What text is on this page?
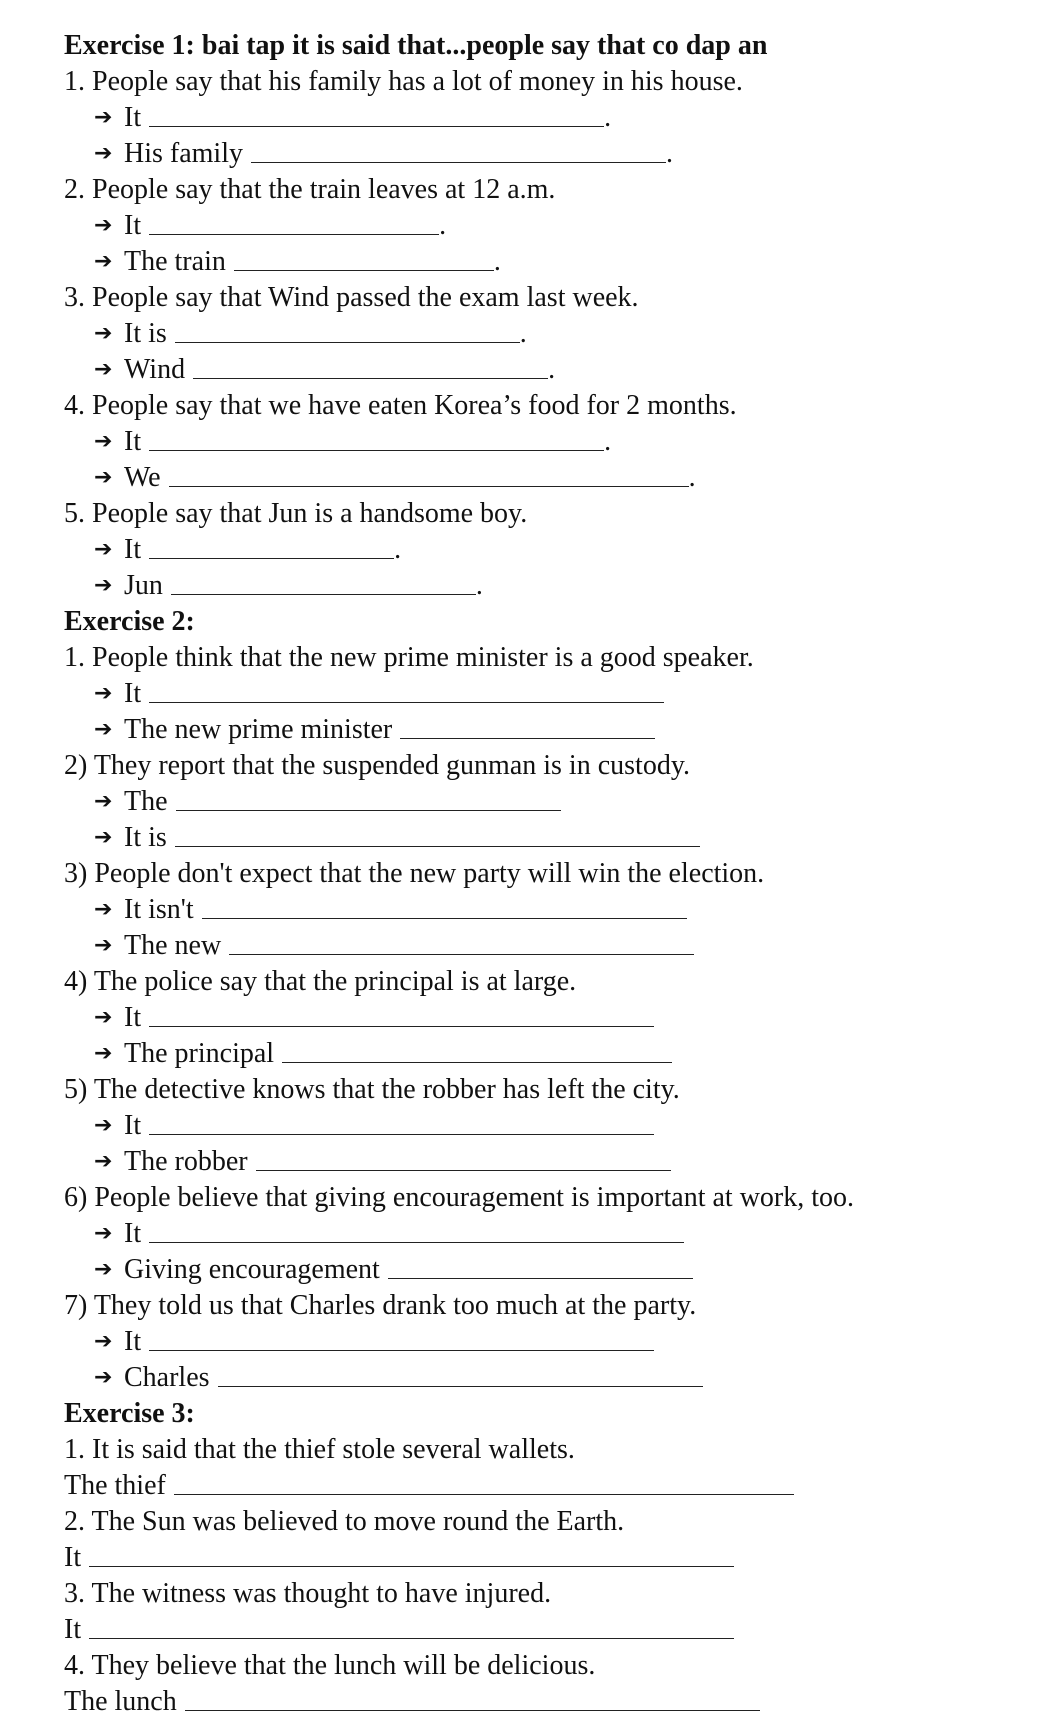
Exercise 1: bai tap it is said that...people say that co dap an
1. People say that his family has a lot of money in his house.
➔ It	.
➔ His family	.
2. People say that the train leaves at 12 a.m.
➔ It	.
➔ The train	.
3. People say that Wind passed the exam last week.
➔ It is	.
➔ Wind	.
4. People say that we have eaten Korea’s food for 2 months.
➔ It	.
➔ We	.
5. People say that Jun is a handsome boy.
➔ It	.
➔ Jun	.
Exercise 2:
1. People think that the new prime minister is a good speaker.
➔ It
➔ The new prime minister
2) They report that the suspended gunman is in custody.
➔ The
➔ It is
3) People don't expect that the new party will win the election.
➔ It isn't
➔ The new
4) The police say that the principal is at large.
➔ It
➔ The principal
5) The detective knows that the robber has left the city.
➔ It
➔ The robber
6) People believe that giving encouragement is important at work, too.
➔ It
➔ Giving encouragement
7) They told us that Charles drank too much at the party.
➔ It
➔ Charles
Exercise 3:
1. It is said that the thief stole several wallets.
The thief
2. The Sun was believed to move round the Earth.
It
3. The witness was thought to have injured.
It
4. They believe that the lunch will be delicious.
The lunch
